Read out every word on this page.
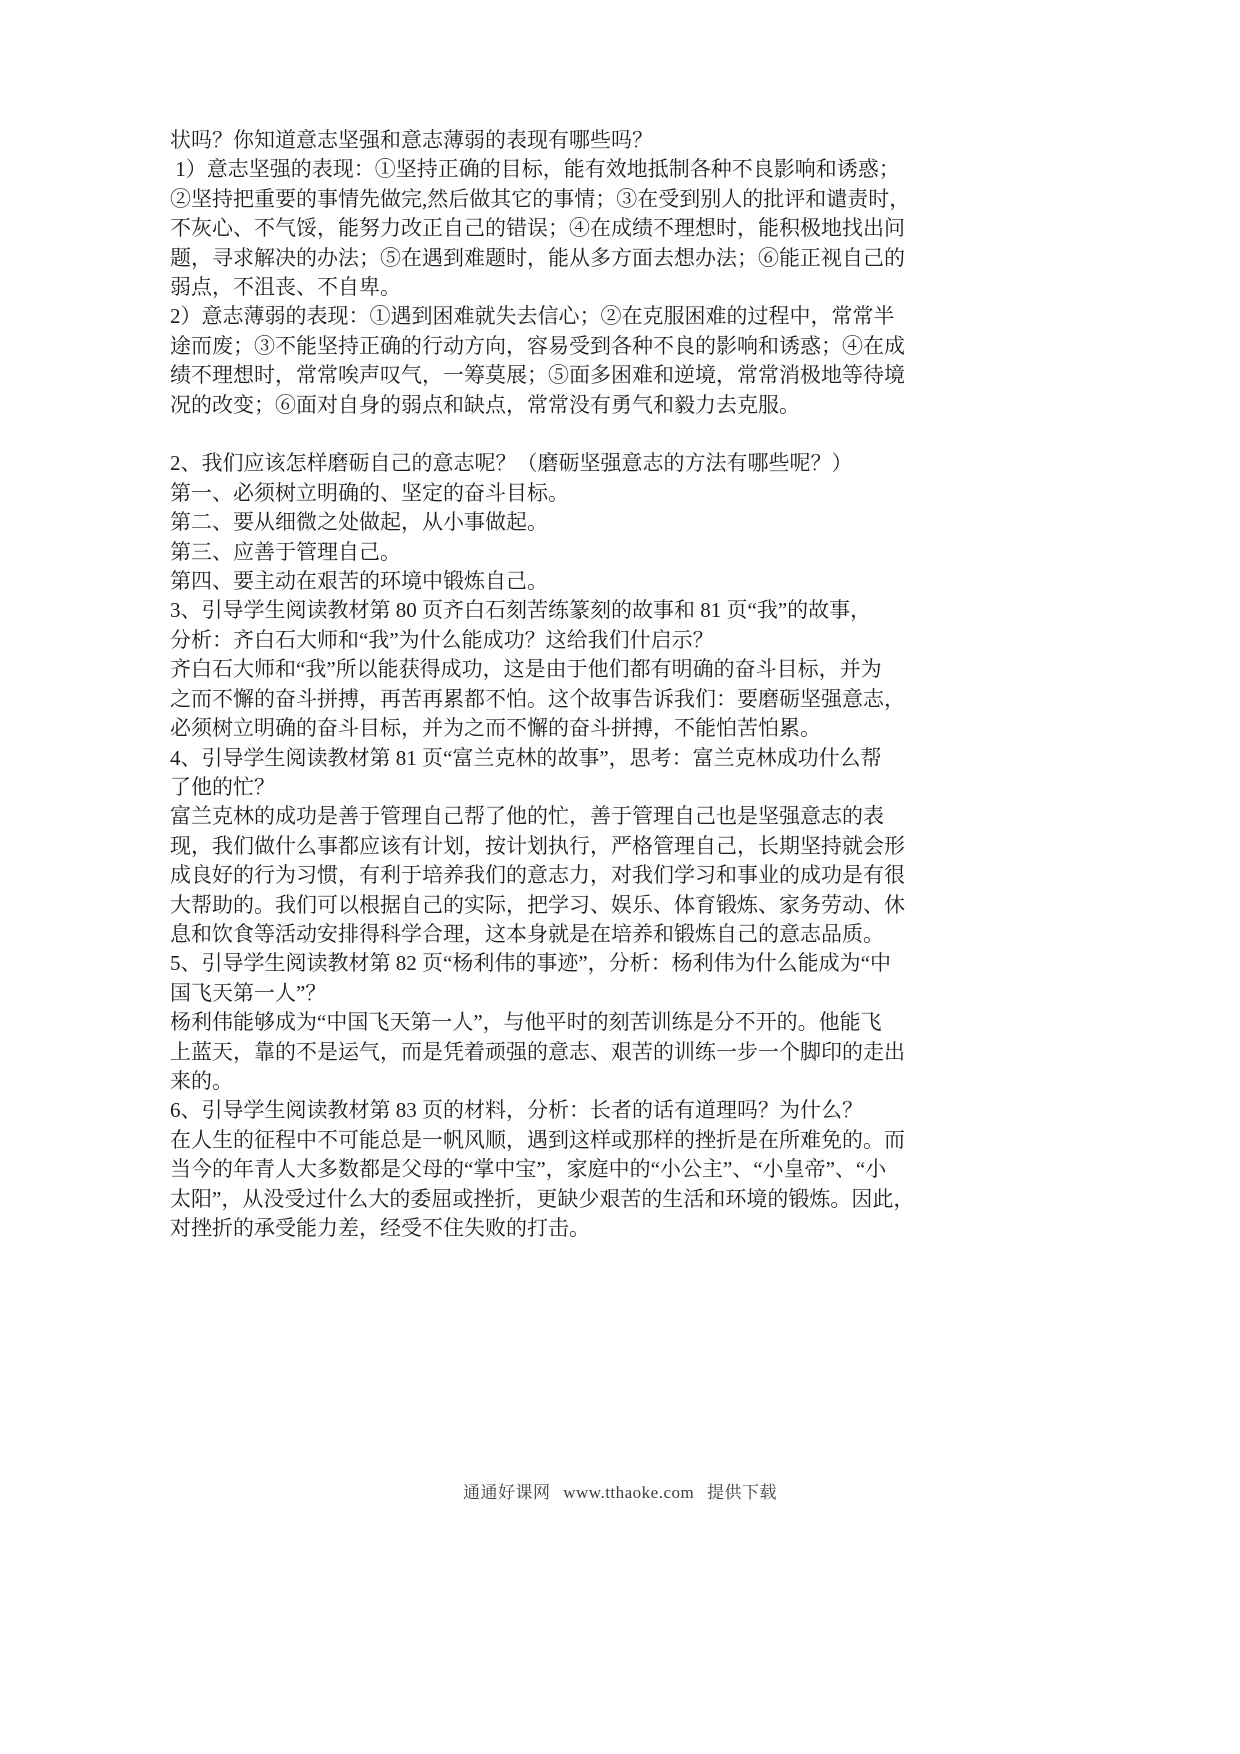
状吗？你知道意志坚强和意志薄弱的表现有哪些吗？
1）意志坚强的表现：①坚持正确的目标，能有效地抵制各种不良影响和诱惑；
②坚持把重要的事情先做完,然后做其它的事情；③在受到别人的批评和谴责时，
不灰心、不气馁，能努力改正自己的错误；④在成绩不理想时，能积极地找出问
题，寻求解决的办法；⑤在遇到难题时，能从多方面去想办法；⑥能正视自己的
弱点，不沮丧、不自卑。
2）意志薄弱的表现：①遇到困难就失去信心；②在克服困难的过程中，常常半
途而废；③不能坚持正确的行动方向，容易受到各种不良的影响和诱惑；④在成
绩不理想时，常常唉声叹气，一筹莫展；⑤面多困难和逆境，常常消极地等待境
况的改变；⑥面对自身的弱点和缺点，常常没有勇气和毅力去克服。
2、我们应该怎样磨砺自己的意志呢？（磨砺坚强意志的方法有哪些呢？）
第一、必须树立明确的、坚定的奋斗目标。
第二、要从细微之处做起，从小事做起。
第三、应善于管理自己。
第四、要主动在艰苦的环境中锻炼自己。
3、引导学生阅读教材第 80 页齐白石刻苦练篆刻的故事和 81 页“我”的故事，
分析：齐白石大师和“我”为什么能成功？这给我们什启示？
齐白石大师和“我”所以能获得成功，这是由于他们都有明确的奋斗目标，并为
之而不懈的奋斗拼搏，再苦再累都不怕。这个故事告诉我们：要磨砺坚强意志，
必须树立明确的奋斗目标，并为之而不懈的奋斗拼搏，不能怕苦怕累。
4、引导学生阅读教材第 81 页“富兰克林的故事”，思考：富兰克林成功什么帮
了他的忙？
富兰克林的成功是善于管理自己帮了他的忙，善于管理自己也是坚强意志的表
现，我们做什么事都应该有计划，按计划执行，严格管理自己，长期坚持就会形
成良好的行为习惯，有利于培养我们的意志力，对我们学习和事业的成功是有很
大帮助的。我们可以根据自己的实际，把学习、娱乐、体育锻炼、家务劳动、休
息和饮食等活动安排得科学合理，这本身就是在培养和锻炼自己的意志品质。
5、引导学生阅读教材第 82 页“杨利伟的事迹”，分析：杨利伟为什么能成为“中
国飞天第一人”？
杨利伟能够成为“中国飞天第一人”，与他平时的刻苦训练是分不开的。他能飞
上蓝天，靠的不是运气，而是凭着顽强的意志、艰苦的训练一步一个脚印的走出
来的。
6、引导学生阅读教材第 83 页的材料，分析：长者的话有道理吗？为什么？
在人生的征程中不可能总是一帆风顺，遇到这样或那样的挫折是在所难免的。而
当今的年青人大多数都是父母的“掌中宝”，家庭中的“小公主”、“小皇帝”、“小
太阳”，从没受过什么大的委屈或挫折，更缺少艰苦的生活和环境的锻炼。因此，
对挫折的承受能力差，经受不住失败的打击。
通通好课网 www.tthaoke.com 提供下载
